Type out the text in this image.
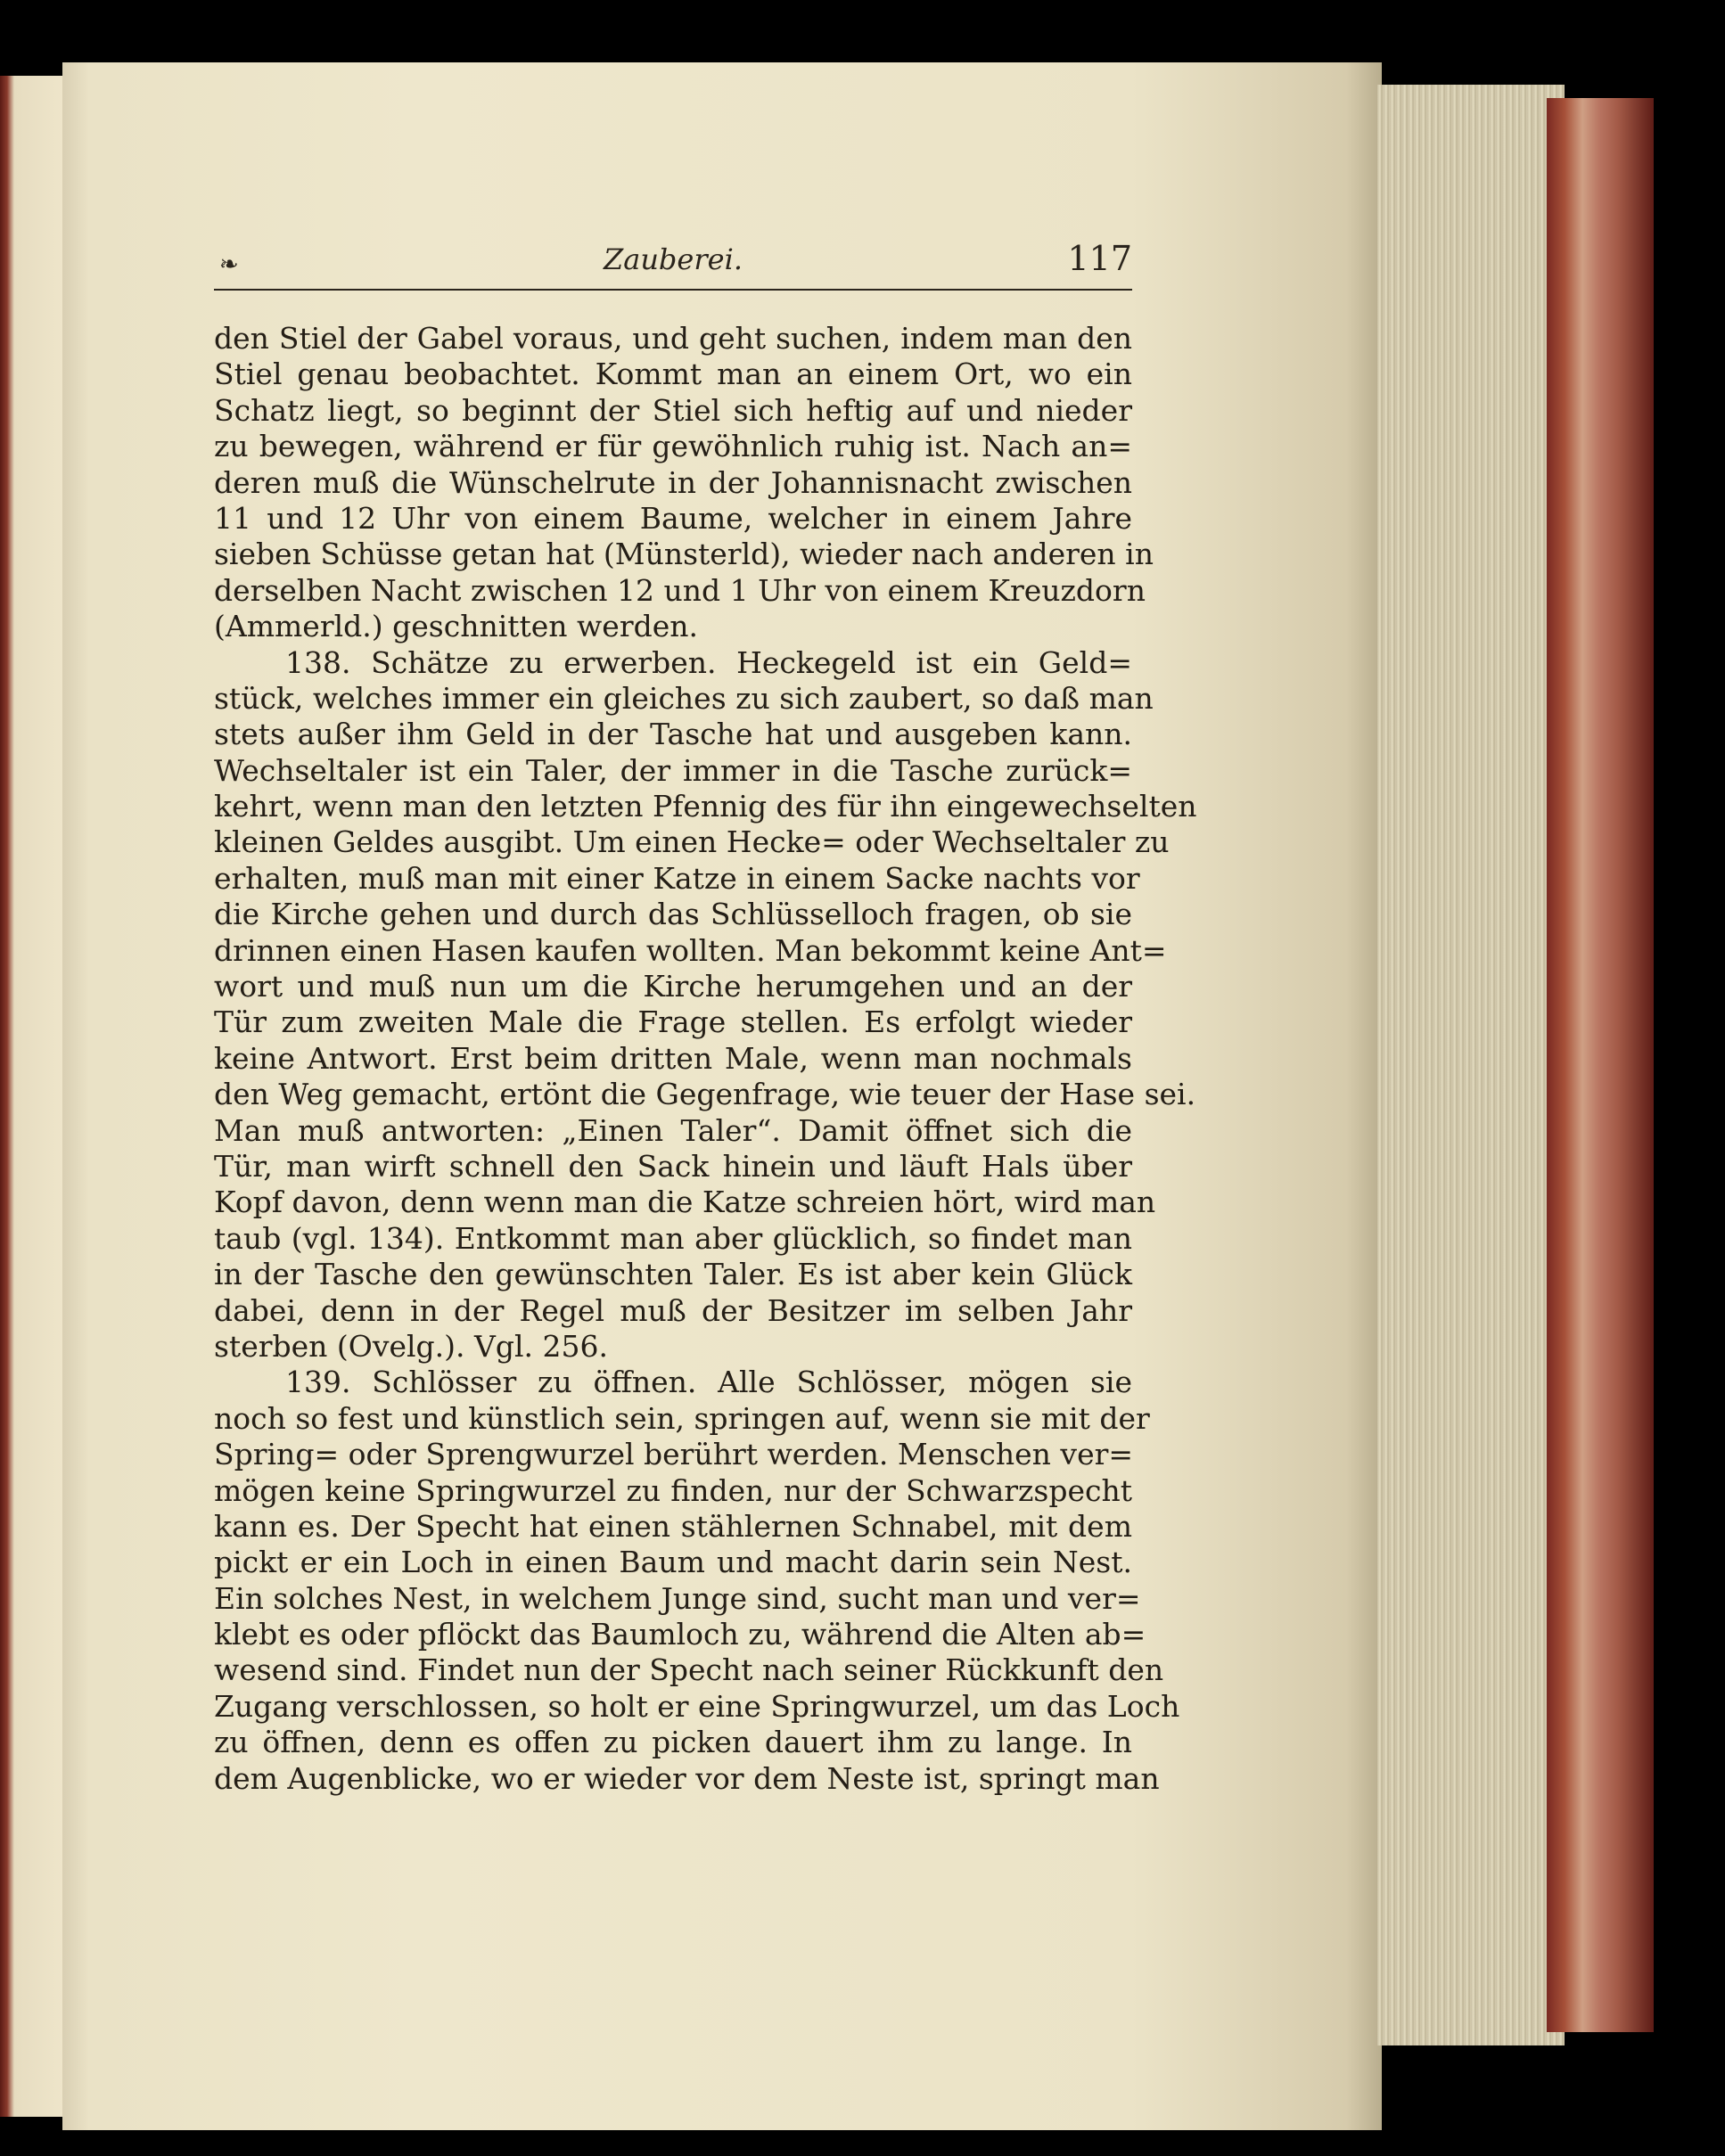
❧	Zauberei.	117
den Stiel der Gabel voraus, und geht suchen, indem man den
Stiel genau beobachtet. Kommt man an einem Ort, wo ein
Schatz liegt, so beginnt der Stiel sich heftig auf und nieder
zu bewegen, während er für gewöhnlich ruhig ist. Nach an=
deren muß die Wünschelrute in der Johannisnacht zwischen
11 und 12 Uhr von einem Baume, welcher in einem Jahre
sieben Schüsse getan hat (Münsterld), wieder nach anderen in
derselben Nacht zwischen 12 und 1 Uhr von einem Kreuzdorn
(Ammerld.) geschnitten werden.
138. Schätze zu erwerben. Heckegeld ist ein Geld=
stück, welches immer ein gleiches zu sich zaubert, so daß man
stets außer ihm Geld in der Tasche hat und ausgeben kann.
Wechseltaler ist ein Taler, der immer in die Tasche zurück=
kehrt, wenn man den letzten Pfennig des für ihn eingewechselten
kleinen Geldes ausgibt. Um einen Hecke= oder Wechseltaler zu
erhalten, muß man mit einer Katze in einem Sacke nachts vor
die Kirche gehen und durch das Schlüsselloch fragen, ob sie
drinnen einen Hasen kaufen wollten. Man bekommt keine Ant=
wort und muß nun um die Kirche herumgehen und an der
Tür zum zweiten Male die Frage stellen. Es erfolgt wieder
keine Antwort. Erst beim dritten Male, wenn man nochmals
den Weg gemacht, ertönt die Gegenfrage, wie teuer der Hase sei.
Man muß antworten: „Einen Taler“. Damit öffnet sich die
Tür, man wirft schnell den Sack hinein und läuft Hals über
Kopf davon, denn wenn man die Katze schreien hört, wird man
taub (vgl. 134). Entkommt man aber glücklich, so findet man
in der Tasche den gewünschten Taler. Es ist aber kein Glück
dabei, denn in der Regel muß der Besitzer im selben Jahr
sterben (Ovelg.). Vgl. 256.
139. Schlösser zu öffnen. Alle Schlösser, mögen sie
noch so fest und künstlich sein, springen auf, wenn sie mit der
Spring= oder Sprengwurzel berührt werden. Menschen ver=
mögen keine Springwurzel zu finden, nur der Schwarzspecht
kann es. Der Specht hat einen stählernen Schnabel, mit dem
pickt er ein Loch in einen Baum und macht darin sein Nest.
Ein solches Nest, in welchem Junge sind, sucht man und ver=
klebt es oder pflöckt das Baumloch zu, während die Alten ab=
wesend sind. Findet nun der Specht nach seiner Rückkunft den
Zugang verschlossen, so holt er eine Springwurzel, um das Loch
zu öffnen, denn es offen zu picken dauert ihm zu lange. In
dem Augenblicke, wo er wieder vor dem Neste ist, springt man
